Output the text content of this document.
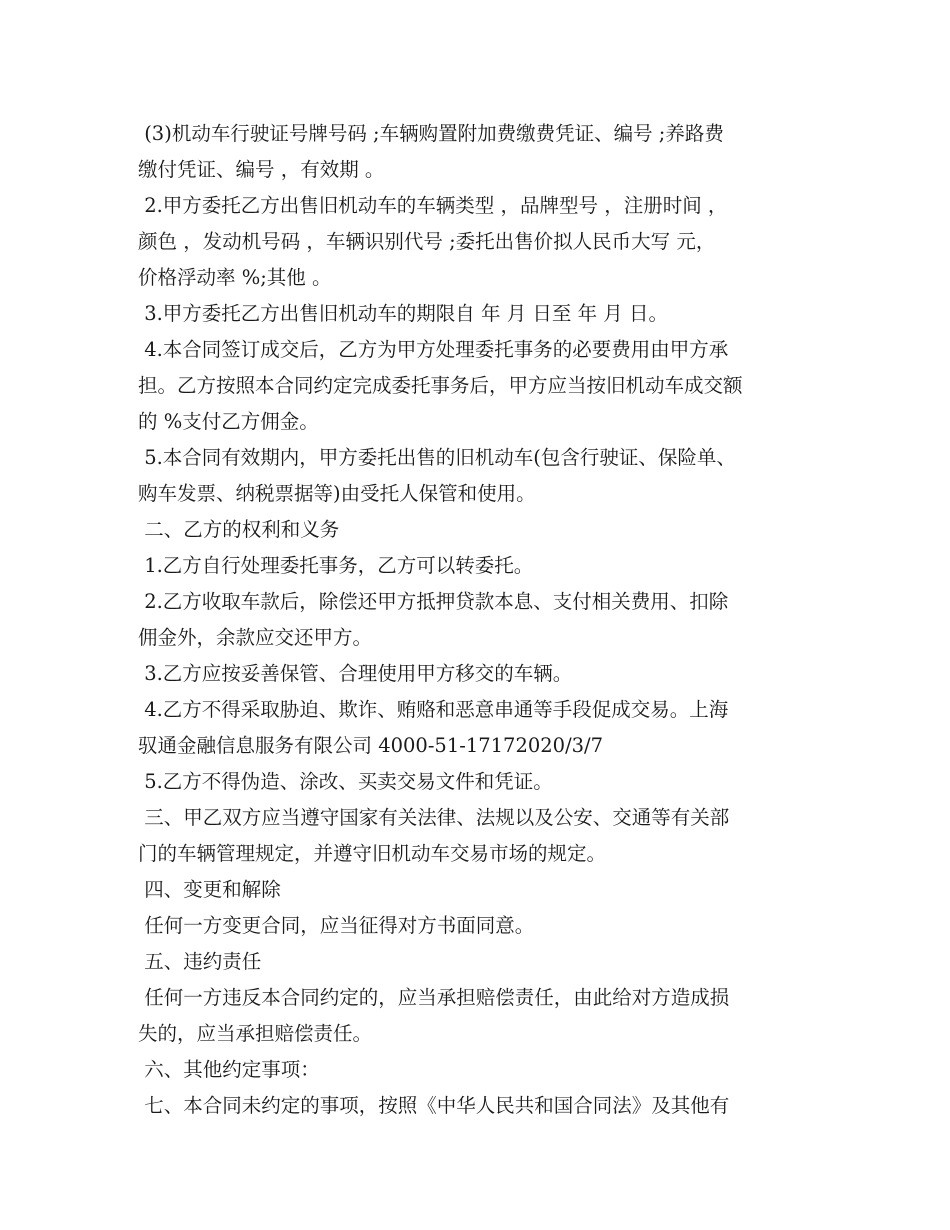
(3)机动车行驶证号牌号码 ;车辆购置附加费缴费凭证、编号 ;养路费
缴付凭证、编号 ，有效期 。
2.甲方委托乙方出售旧机动车的车辆类型 ，品牌型号 ，注册时间 ，
颜色 ，发动机号码 ，车辆识别代号 ;委托出售价拟人民币大写 元，
价格浮动率 %;其他 。
3.甲方委托乙方出售旧机动车的期限自 年 月 日至 年 月 日。
4.本合同签订成交后，乙方为甲方处理委托事务的必要费用由甲方承
担。乙方按照本合同约定完成委托事务后，甲方应当按旧机动车成交额
的 %支付乙方佣金。
5.本合同有效期内，甲方委托出售的旧机动车(包含行驶证、保险单、
购车发票、纳税票据等)由受托人保管和使用。
二、乙方的权利和义务
1.乙方自行处理委托事务，乙方可以转委托。
2.乙方收取车款后，除偿还甲方抵押贷款本息、支付相关费用、扣除
佣金外，余款应交还甲方。
3.乙方应按妥善保管、合理使用甲方移交的车辆。
4.乙方不得采取胁迫、欺诈、贿赂和恶意串通等手段促成交易。上海
驭通金融信息服务有限公司 4000-51-17172020/3/7
5.乙方不得伪造、涂改、买卖交易文件和凭证。
三、甲乙双方应当遵守国家有关法律、法规以及公安、交通等有关部
门的车辆管理规定，并遵守旧机动车交易市场的规定。
四、变更和解除
任何一方变更合同，应当征得对方书面同意。
五、违约责任
任何一方违反本合同约定的，应当承担赔偿责任，由此给对方造成损
失的，应当承担赔偿责任。
六、其他约定事项：
七、本合同未约定的事项，按照《中华人民共和国合同法》及其他有
